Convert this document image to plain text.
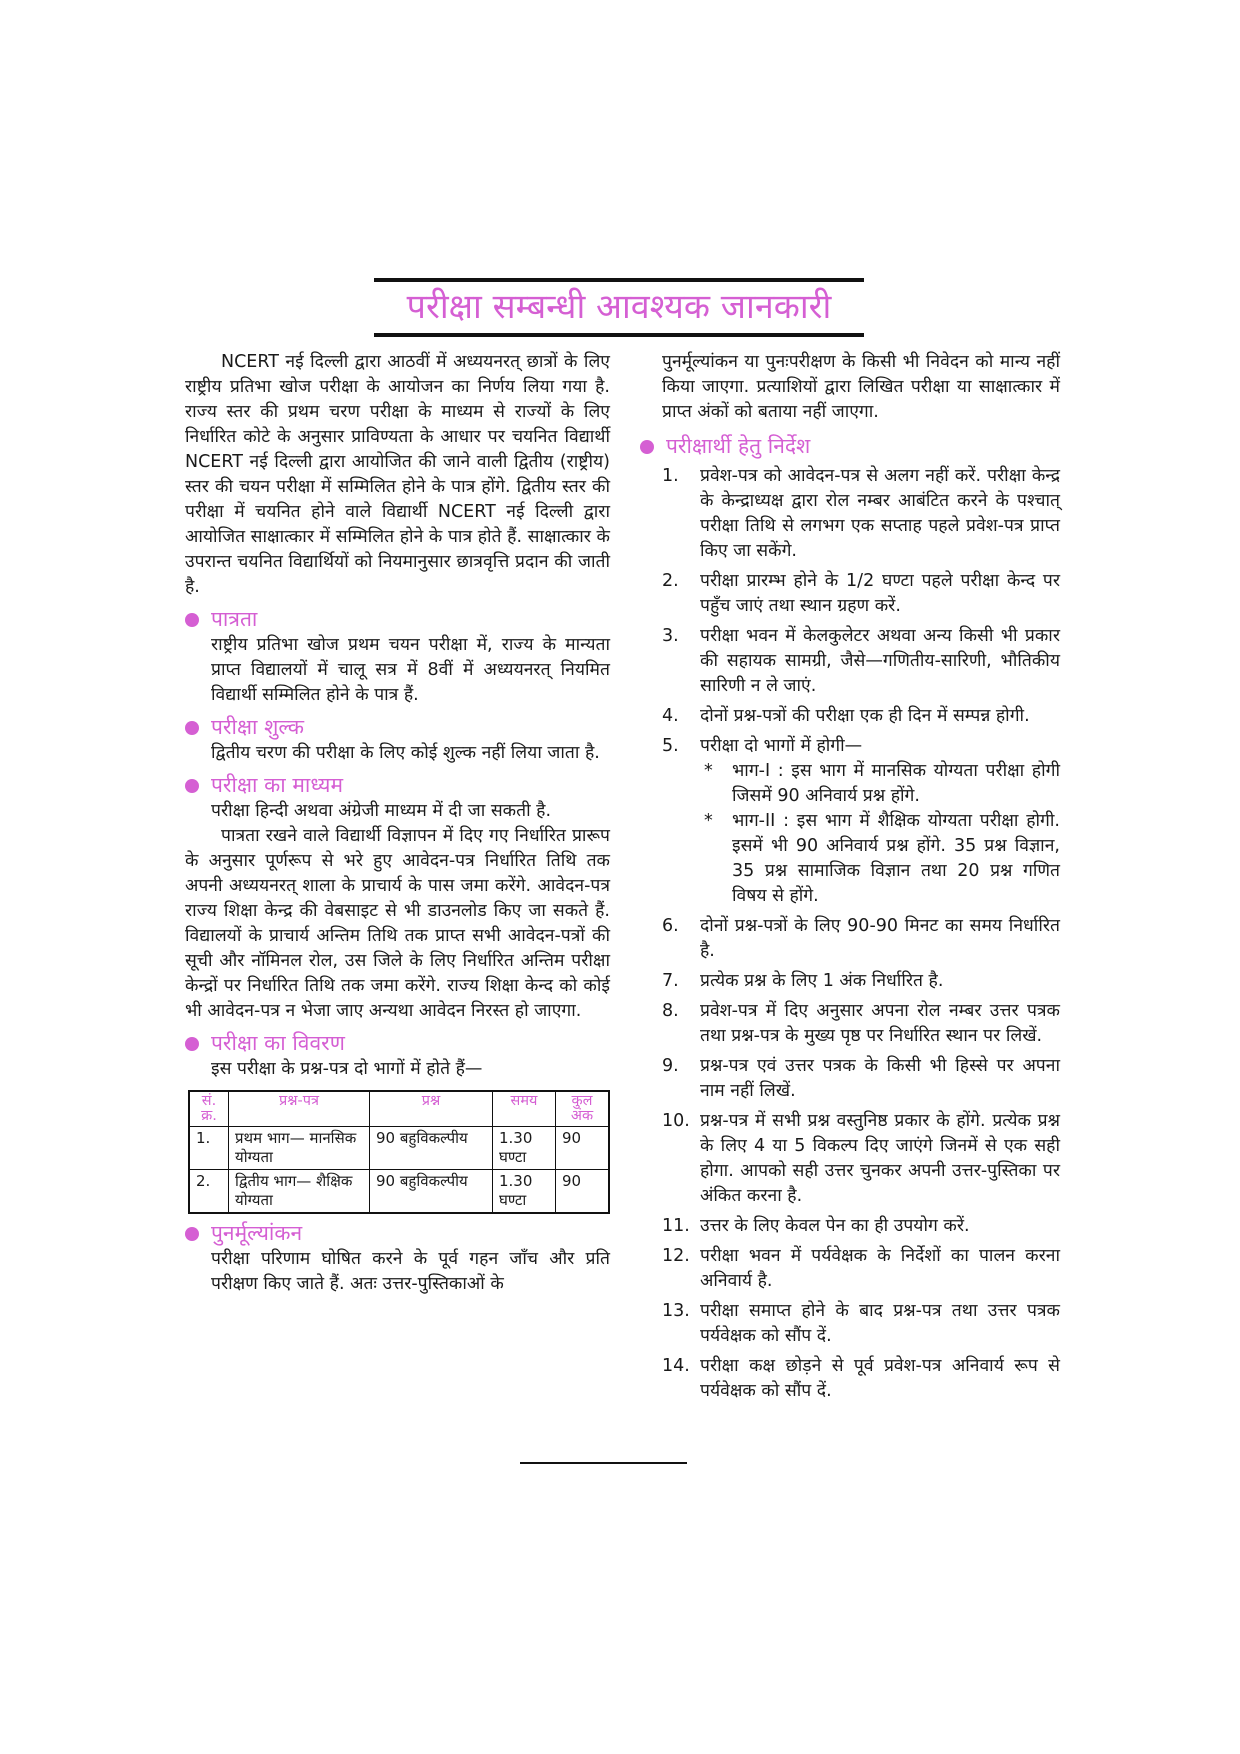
परीक्षा सम्बन्धी आवश्यक जानकारी

NCERT नई दिल्ली द्वारा आठवीं में अध्ययनरत् छात्रों के लिए राष्ट्रीय प्रतिभा खोज परीक्षा के आयोजन का निर्णय लिया गया है. राज्य स्तर की प्रथम चरण परीक्षा के माध्यम से राज्यों के लिए निर्धारित कोटे के अनुसार प्राविण्यता के आधार पर चयनित विद्यार्थी NCERT नई दिल्ली द्वारा आयोजित की जाने वाली द्वितीय (राष्ट्रीय) स्तर की चयन परीक्षा में सम्मिलित होने के पात्र होंगे. द्वितीय स्तर की परीक्षा में चयनित होने वाले विद्यार्थी NCERT नई दिल्ली द्वारा आयोजित साक्षात्कार में सम्मिलित होने के पात्र होते हैं. साक्षात्कार के उपरान्त चयनित विद्यार्थियों को नियमानुसार छात्रवृत्ति प्रदान की जाती है.

पात्रता

राष्ट्रीय प्रतिभा खोज प्रथम चयन परीक्षा में, राज्य के मान्यता प्राप्त विद्यालयों में चालू सत्र में 8वीं में अध्ययनरत् नियमित विद्यार्थी सम्मिलित होने के पात्र हैं.

परीक्षा शुल्क

द्वितीय चरण की परीक्षा के लिए कोई शुल्क नहीं लिया जाता है.

परीक्षा का माध्यम

परीक्षा हिन्दी अथवा अंग्रेजी माध्यम में दी जा सकती है.

पात्रता रखने वाले विद्यार्थी विज्ञापन में दिए गए निर्धारित प्रारूप के अनुसार पूर्णरूप से भरे हुए आवेदन-पत्र निर्धारित तिथि तक अपनी अध्ययनरत् शाला के प्राचार्य के पास जमा करेंगे. आवेदन-पत्र राज्य शिक्षा केन्द्र की वेबसाइट से भी डाउनलोड किए जा सकते हैं. विद्यालयों के प्राचार्य अन्तिम तिथि तक प्राप्त सभी आवेदन-पत्रों की सूची और नॉमिनल रोल, उस जिले के लिए निर्धारित अन्तिम परीक्षा केन्द्रों पर निर्धारित तिथि तक जमा करेंगे. राज्य शिक्षा केन्द को कोई भी आवेदन-पत्र न भेजा जाए अन्यथा आवेदन निरस्त हो जाएगा.

परीक्षा का विवरण

इस परीक्षा के प्रश्न-पत्र दो भागों में होते हैं—

सं. क्र.	प्रश्न-पत्र	प्रश्न	समय	कुल अंक
1.	प्रथम भाग— मानसिक योग्यता	90 बहुविकल्पीय	1.30 घण्टा	90
2.	द्वितीय भाग— शैक्षिक योग्यता	90 बहुविकल्पीय	1.30 घण्टा	90
पुनर्मूल्यांकन

परीक्षा परिणाम घोषित करने के पूर्व गहन जाँच और प्रति परीक्षण किए जाते हैं. अतः उत्तर-पुस्तिकाओं के

पुनर्मूल्यांकन या पुनःपरीक्षण के किसी भी निवेदन को मान्य नहीं किया जाएगा. प्रत्याशियों द्वारा लिखित परीक्षा या साक्षात्कार में प्राप्त अंकों को बताया नहीं जाएगा.

परीक्षार्थी हेतु निर्देश
1.	प्रवेश-पत्र को आवेदन-पत्र से अलग नहीं करें. परीक्षा केन्द्र के केन्द्राध्यक्ष द्वारा रोल नम्बर आबंटित करने के पश्चात् परीक्षा तिथि से लगभग एक सप्ताह पहले प्रवेश-पत्र प्राप्त किए जा सकेंगे.
2.	परीक्षा प्रारम्भ होने के 1/2 घण्टा पहले परीक्षा केन्द पर पहुँच जाएं तथा स्थान ग्रहण करें.
3.	परीक्षा भवन में केलकुलेटर अथवा अन्य किसी भी प्रकार की सहायक सामग्री, जैसे—गणितीय-सारिणी, भौतिकीय सारिणी न ले जाएं.
4.	दोनों प्रश्न-पत्रों की परीक्षा एक ही दिन में सम्पन्न होगी.
5.	परीक्षा दो भागों में होगी—
*	भाग-I : इस भाग में मानसिक योग्यता परीक्षा होगी जिसमें 90 अनिवार्य प्रश्न होंगे.
*	भाग-II : इस भाग में शैक्षिक योग्यता परीक्षा होगी. इसमें भी 90 अनिवार्य प्रश्न होंगे. 35 प्रश्न विज्ञान, 35 प्रश्न सामाजिक विज्ञान तथा 20 प्रश्न गणित विषय से होंगे.
6.	दोनों प्रश्न-पत्रों के लिए 90-90 मिनट का समय निर्धारित है.
7.	प्रत्येक प्रश्न के लिए 1 अंक निर्धारित है.
8.	प्रवेश-पत्र में दिए अनुसार अपना रोल नम्बर उत्तर पत्रक तथा प्रश्न-पत्र के मुख्य पृष्ठ पर निर्धारित स्थान पर लिखें.
9.	प्रश्न-पत्र एवं उत्तर पत्रक के किसी भी हिस्से पर अपना नाम नहीं लिखें.
10. प्रश्न-पत्र में सभी प्रश्न वस्तुनिष्ठ प्रकार के होंगे. प्रत्येक प्रश्न के लिए 4 या 5 विकल्प दिए जाएंगे जिनमें से एक सही होगा. आपको सही उत्तर चुनकर अपनी उत्तर-पुस्तिका पर अंकित करना है.
11. उत्तर के लिए केवल पेन का ही उपयोग करें.
12. परीक्षा भवन में पर्यवेक्षक के निर्देशों का पालन करना अनिवार्य है.
13. परीक्षा समाप्त होने के बाद प्रश्न-पत्र तथा उत्तर पत्रक पर्यवेक्षक को सौंप दें.
14. परीक्षा कक्ष छोड़ने से पूर्व प्रवेश-पत्र अनिवार्य रूप से पर्यवेक्षक को सौंप दें.
